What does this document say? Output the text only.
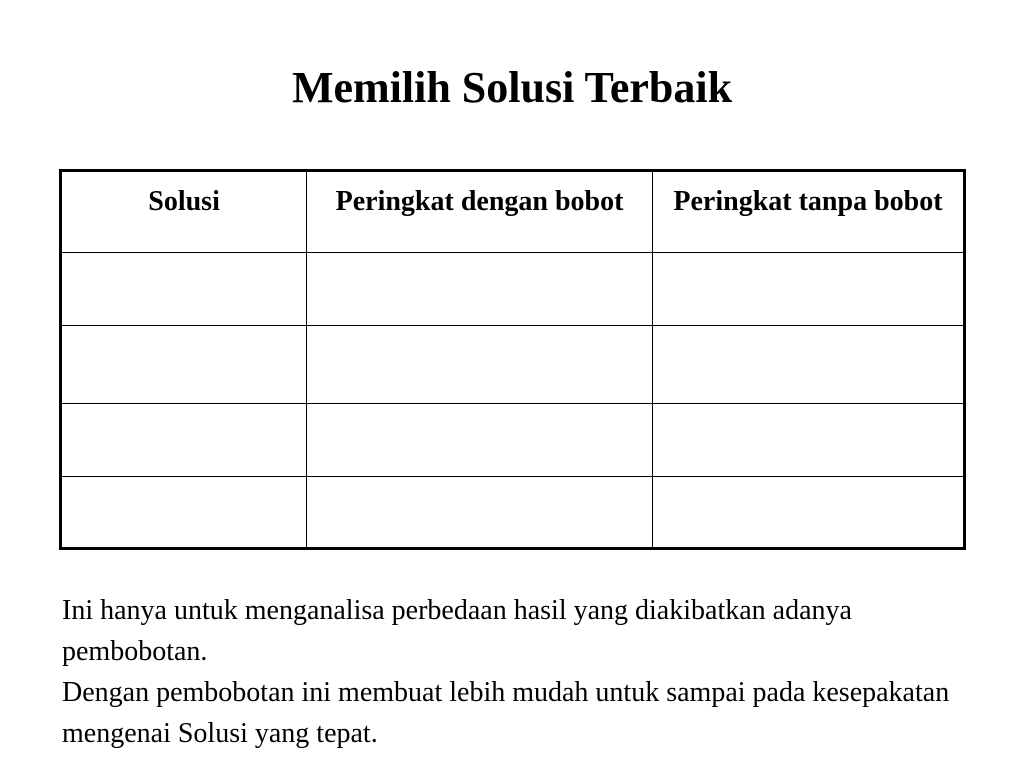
Memilih Solusi Terbaik
Solusi	Peringkat dengan bobot	Peringkat tanpa bobot

Ini hanya untuk menganalisa perbedaan hasil yang diakibatkan adanya pembobotan.

Dengan pembobotan ini membuat lebih mudah untuk sampai pada kesepakatan mengenai Solusi yang tepat.
